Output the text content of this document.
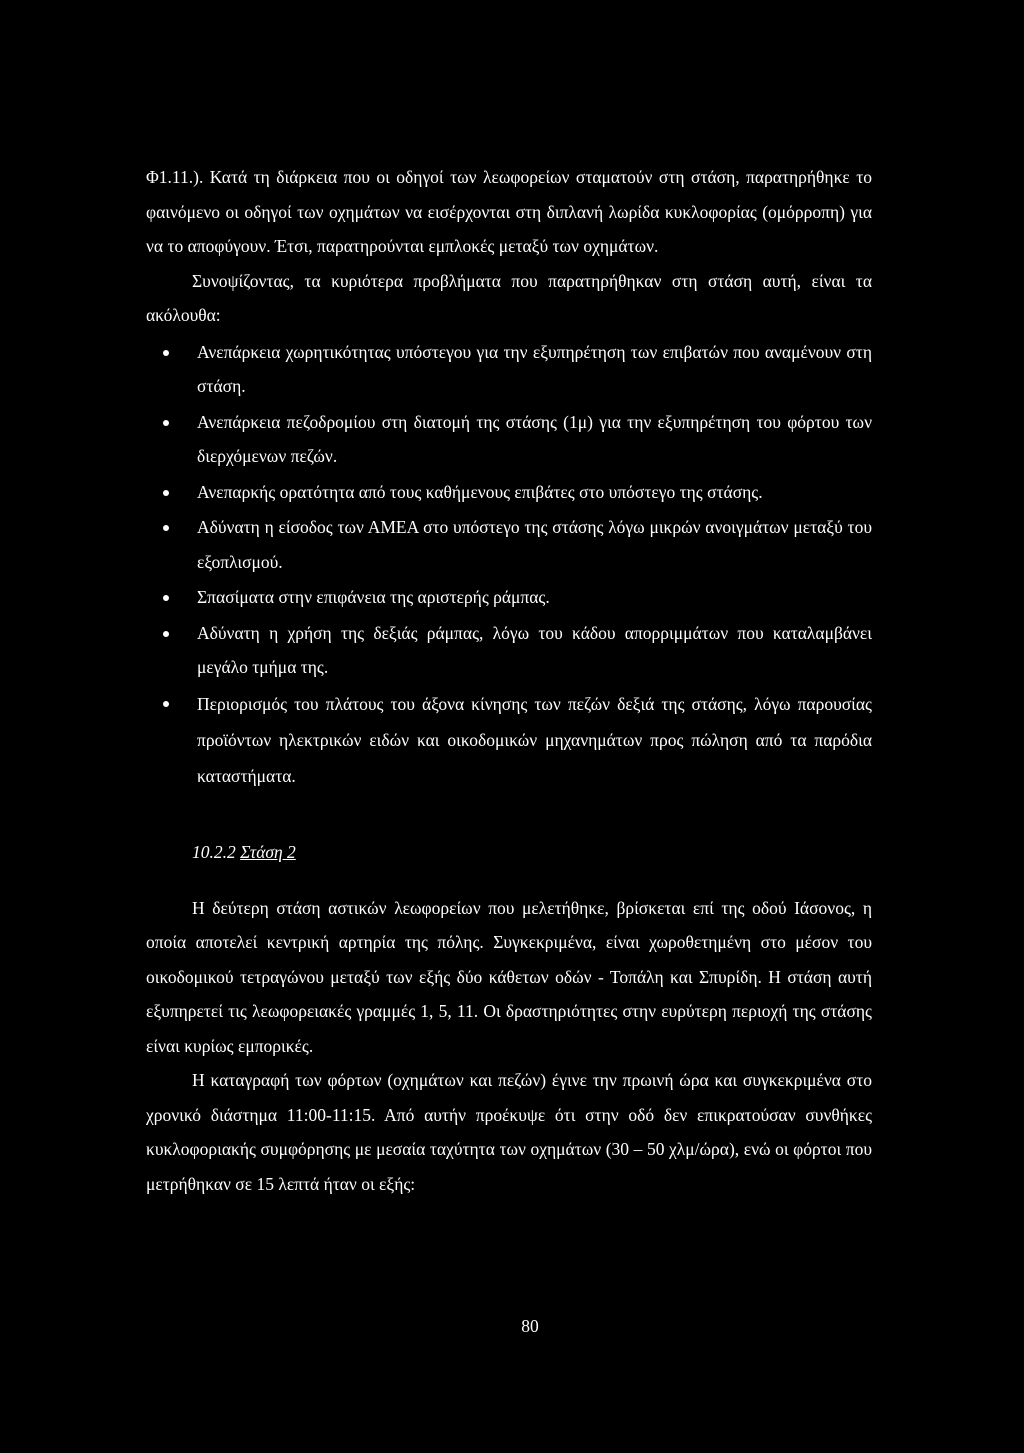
Φ1.11.). Κατά τη διάρκεια που οι οδηγοί των λεωφορείων σταματούν στη στάση, παρατηρήθηκε το φαινόμενο οι οδηγοί των οχημάτων να εισέρχονται στη διπλανή λωρίδα κυκλοφορίας (ομόρροπη) για να το αποφύγουν. Έτσι, παρατηρούνται εμπλοκές μεταξύ των οχημάτων.

Συνοψίζοντας, τα κυριότερα προβλήματα που παρατηρήθηκαν στη στάση αυτή, είναι τα ακόλουθα:

Ανεπάρκεια χωρητικότητας υπόστεγου για την εξυπηρέτηση των επιβατών που αναμένουν στη στάση.

Ανεπάρκεια πεζοδρομίου στη διατομή της στάσης (1μ) για την εξυπηρέτηση του φόρτου των διερχόμενων πεζών.

Ανεπαρκής ορατότητα από τους καθήμενους επιβάτες στο υπόστεγο της στάσης.

Αδύνατη η είσοδος των ΑΜΕΑ στο υπόστεγο της στάσης λόγω μικρών ανοιγμάτων μεταξύ του εξοπλισμού.

Σπασίματα στην επιφάνεια της αριστερής ράμπας.

Αδύνατη η χρήση της δεξιάς ράμπας, λόγω του κάδου απορριμμάτων που καταλαμβάνει μεγάλο τμήμα της.

Περιορισμός του πλάτους του άξονα κίνησης των πεζών δεξιά της στάσης, λόγω παρουσίας προϊόντων ηλεκτρικών ειδών και οικοδομικών μηχανημάτων προς πώληση από τα παρόδια καταστήματα.

10.2.2 Στάση 2

Η δεύτερη στάση αστικών λεωφορείων που μελετήθηκε, βρίσκεται επί της οδού Ιάσονος, η οποία αποτελεί κεντρική αρτηρία της πόλης. Συγκεκριμένα, είναι χωροθετημένη στο μέσον του οικοδομικού τετραγώνου μεταξύ των εξής δύο κάθετων οδών - Τοπάλη και Σπυρίδη. Η στάση αυτή εξυπηρετεί τις λεωφορειακές γραμμές 1, 5, 11. Οι δραστηριότητες στην ευρύτερη περιοχή της στάσης είναι κυρίως εμπορικές.

Η καταγραφή των φόρτων (οχημάτων και πεζών) έγινε την πρωινή ώρα και συγκεκριμένα στο χρονικό διάστημα 11:00-11:15. Από αυτήν προέκυψε ότι στην οδό δεν επικρατούσαν συνθήκες κυκλοφοριακής συμφόρησης με μεσαία ταχύτητα των οχημάτων (30 – 50 χλμ/ώρα), ενώ οι φόρτοι που μετρήθηκαν σε 15 λεπτά ήταν οι εξής:

80
